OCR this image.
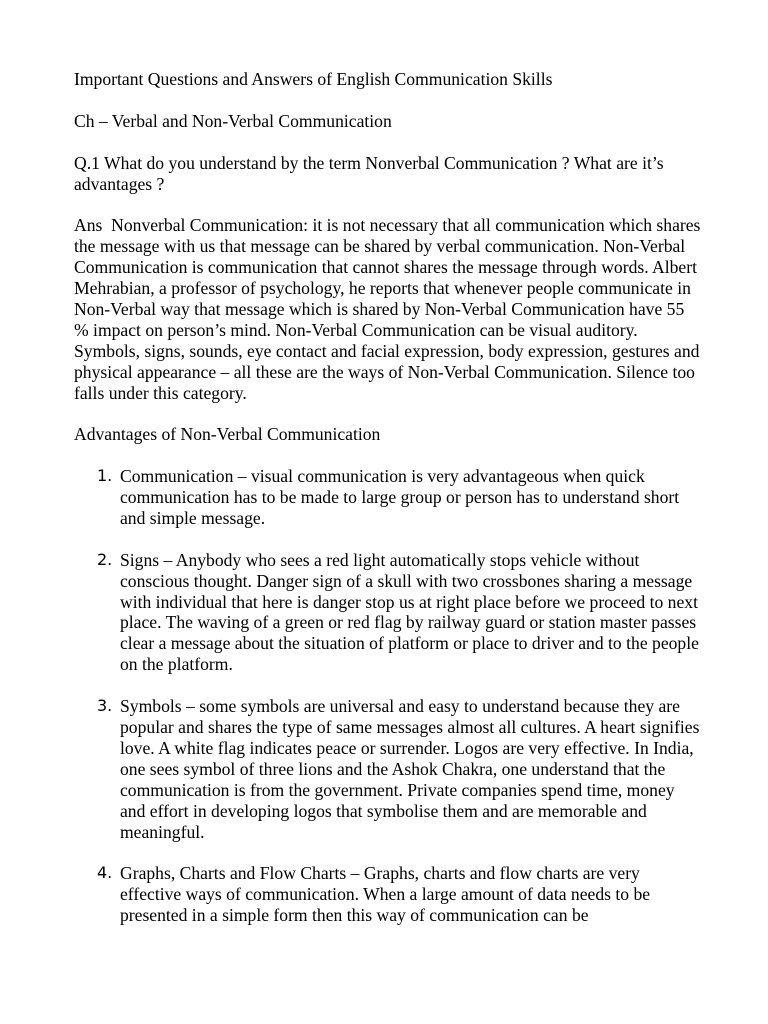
Important Questions and Answers of English Communication Skills

Ch – Verbal and Non-Verbal Communication

Q.1 What do you understand by the term Nonverbal Communication ? What are it’s advantages ?

Ans  Nonverbal Communication: it is not necessary that all communication which shares the message with us that message can be shared by verbal communication. Non-Verbal Communication is communication that cannot shares the message through words. Albert Mehrabian, a professor of psychology, he reports that whenever people communicate in Non-Verbal way that message which is shared by Non-Verbal Communication have 55 % impact on person’s mind. Non-Verbal Communication can be visual auditory. Symbols, signs, sounds, eye contact and facial expression, body expression, gestures and physical appearance – all these are the ways of Non-Verbal Communication. Silence too falls under this category.

Advantages of Non-Verbal Communication

1. Communication – visual communication is very advantageous when quick communication has to be made to large group or person has to understand short and simple message.
2. Signs – Anybody who sees a red light automatically stops vehicle without conscious thought. Danger sign of a skull with two crossbones sharing a message with individual that here is danger stop us at right place before we proceed to next place. The waving of a green or red flag by railway guard or station master passes clear a message about the situation of platform or place to driver and to the people on the platform.
3. Symbols – some symbols are universal and easy to understand because they are popular and shares the type of same messages almost all cultures. A heart signifies love. A white flag indicates peace or surrender. Logos are very effective. In India, one sees symbol of three lions and the Ashok Chakra, one understand that the communication is from the government. Private companies spend time, money and effort in developing logos that symbolise them and are memorable and meaningful.
4. Graphs, Charts and Flow Charts – Graphs, charts and flow charts are very effective ways of communication. When a large amount of data needs to be presented in a simple form then this way of communication can be
